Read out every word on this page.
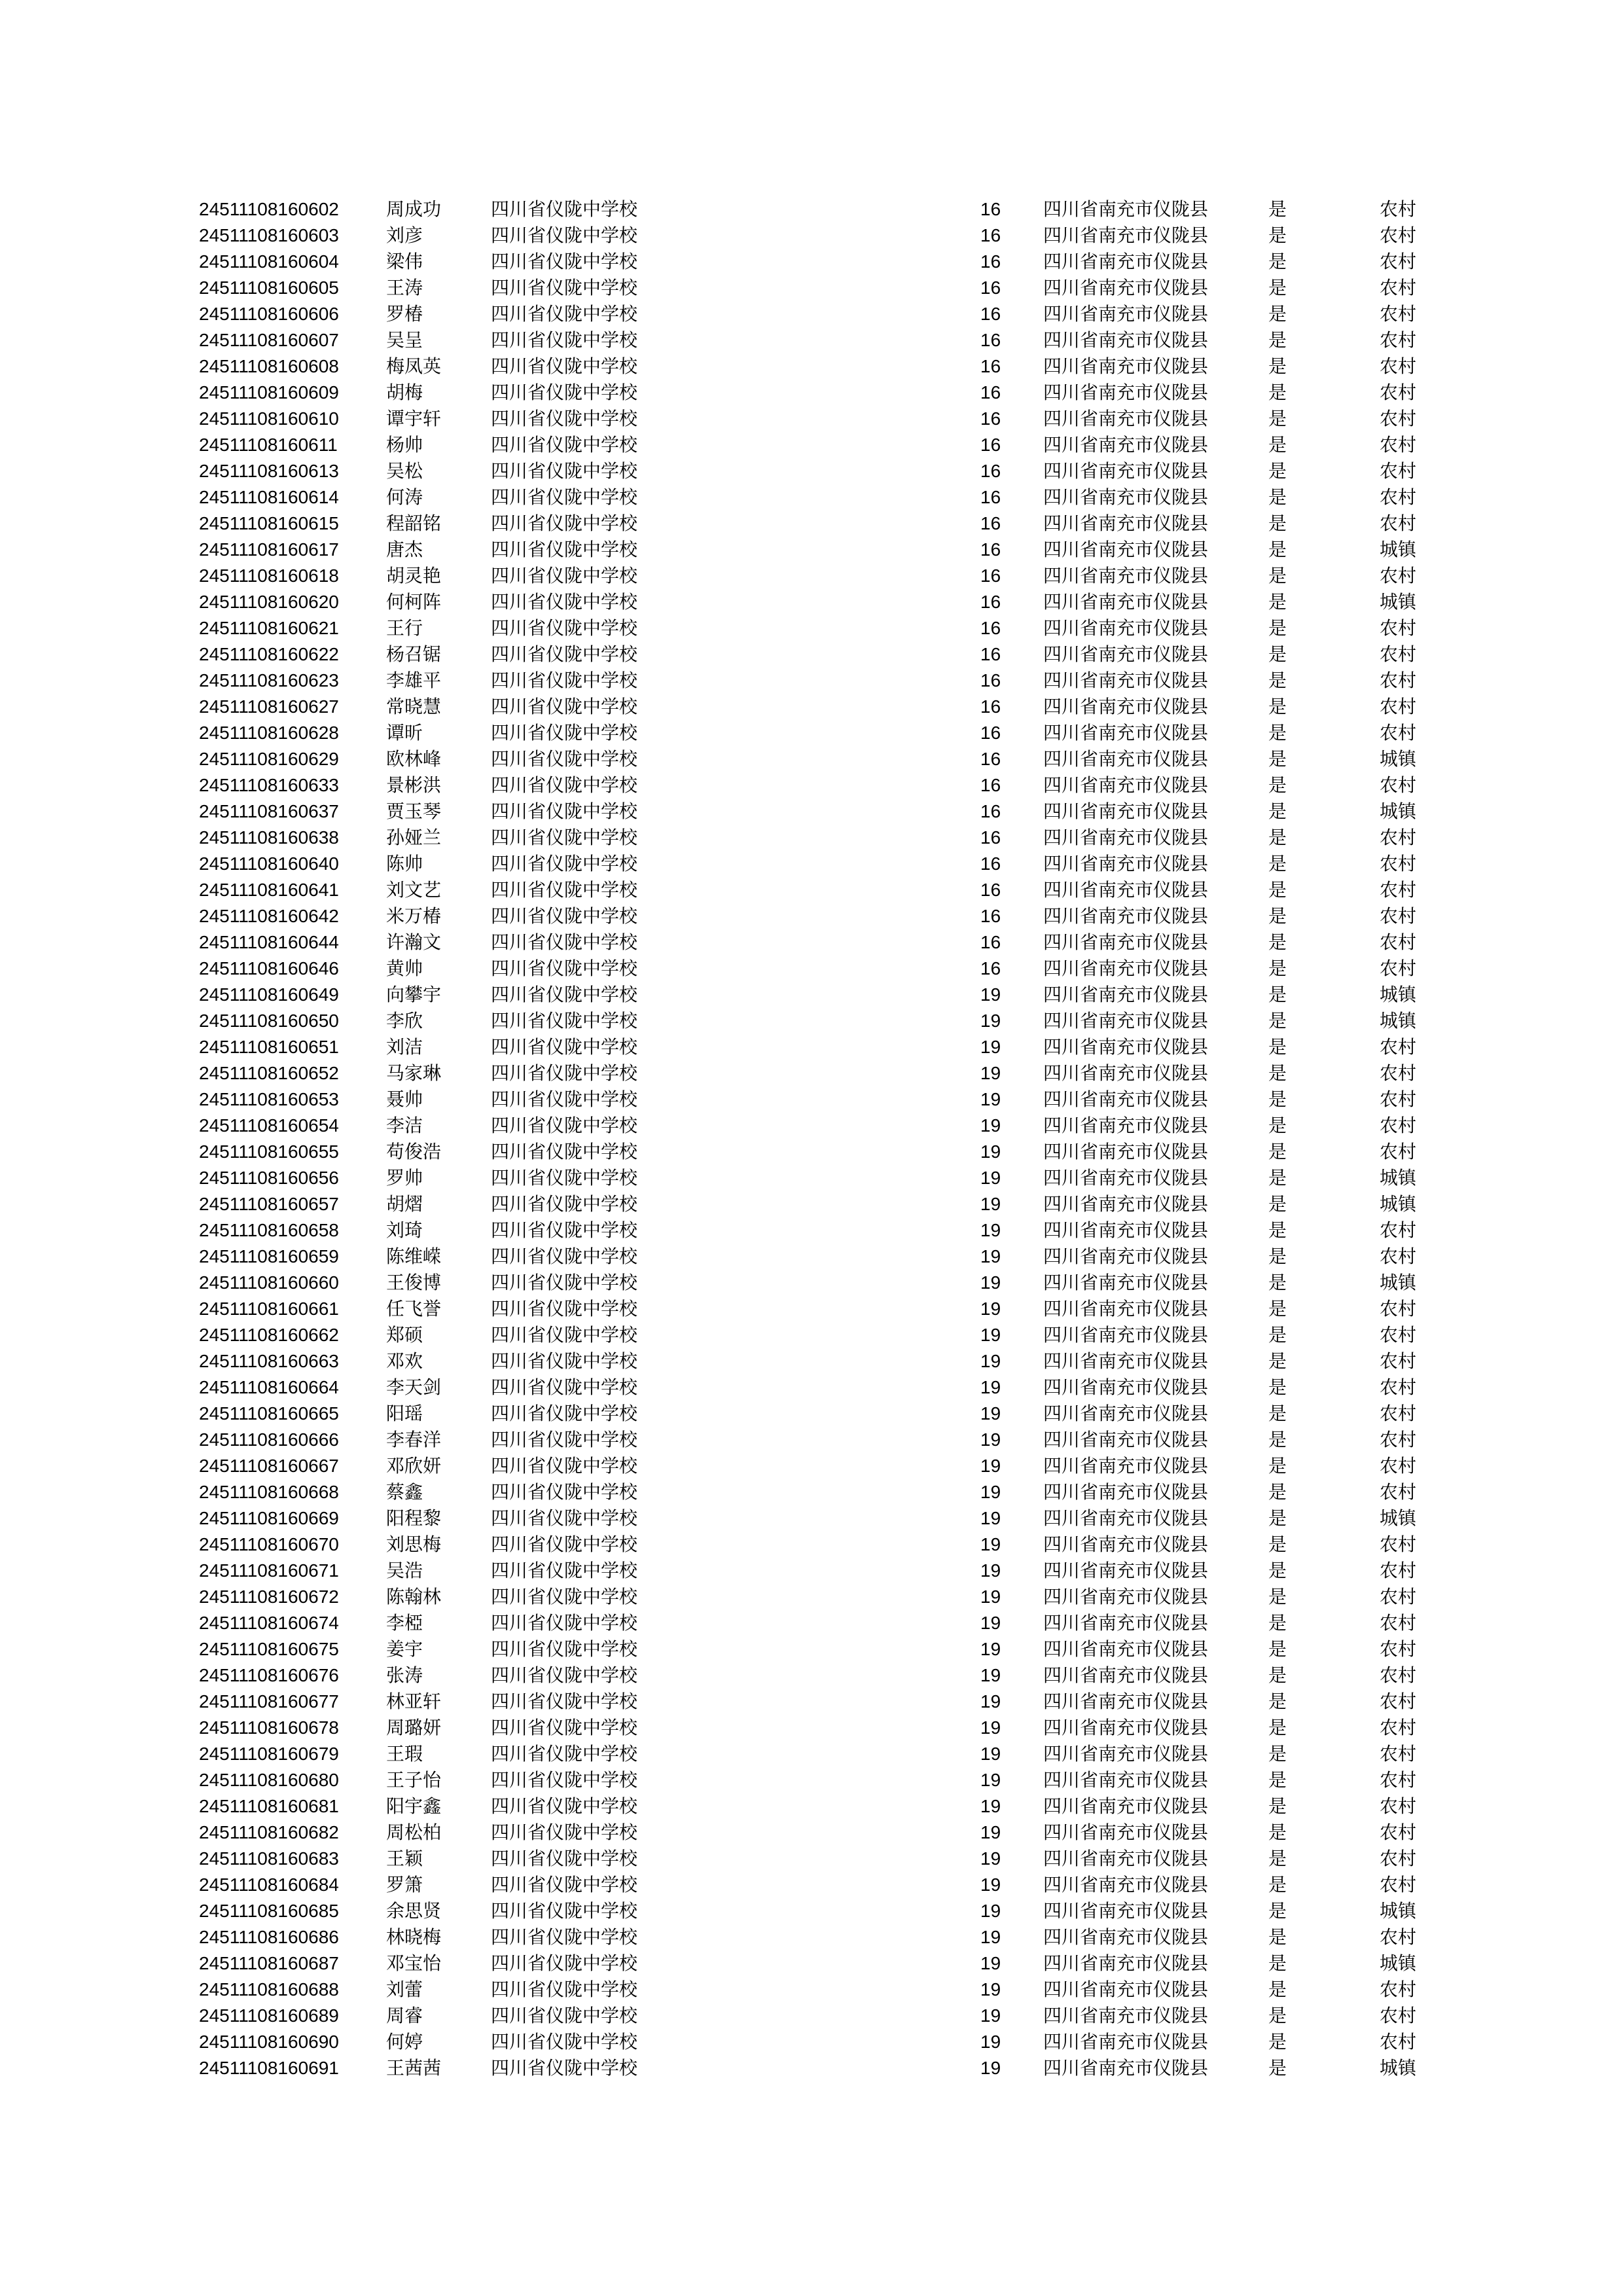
24511108160602	周成功	四川省仪陇中学校	16 四川省南充市仪陇县	是	农村
24511108160603	刘彦	四川省仪陇中学校	16 四川省南充市仪陇县	是	农村
24511108160604	梁伟	四川省仪陇中学校	16 四川省南充市仪陇县	是	农村
24511108160605	王涛	四川省仪陇中学校	16 四川省南充市仪陇县	是	农村
24511108160606	罗椿	四川省仪陇中学校	16 四川省南充市仪陇县	是	农村
24511108160607	吴呈	四川省仪陇中学校	16 四川省南充市仪陇县	是	农村
24511108160608	梅凤英	四川省仪陇中学校	16 四川省南充市仪陇县	是	农村
24511108160609	胡梅	四川省仪陇中学校	16 四川省南充市仪陇县	是	农村
24511108160610	谭宇轩	四川省仪陇中学校	16 四川省南充市仪陇县	是	农村
24511108160611	杨帅	四川省仪陇中学校	16 四川省南充市仪陇县	是	农村
24511108160613	吴松	四川省仪陇中学校	16 四川省南充市仪陇县	是	农村
24511108160614	何涛	四川省仪陇中学校	16 四川省南充市仪陇县	是	农村
24511108160615	程韶铭	四川省仪陇中学校	16 四川省南充市仪陇县	是	农村
24511108160617	唐杰	四川省仪陇中学校	16 四川省南充市仪陇县	是	城镇
24511108160618	胡灵艳	四川省仪陇中学校	16 四川省南充市仪陇县	是	农村
24511108160620	何柯阵	四川省仪陇中学校	16 四川省南充市仪陇县	是	城镇
24511108160621	王行	四川省仪陇中学校	16 四川省南充市仪陇县	是	农村
24511108160622	杨召锯	四川省仪陇中学校	16 四川省南充市仪陇县	是	农村
24511108160623	李雄平	四川省仪陇中学校	16 四川省南充市仪陇县	是	农村
24511108160627	常晓慧	四川省仪陇中学校	16 四川省南充市仪陇县	是	农村
24511108160628	谭昕	四川省仪陇中学校	16 四川省南充市仪陇县	是	农村
24511108160629	欧林峰	四川省仪陇中学校	16 四川省南充市仪陇县	是	城镇
24511108160633	景彬洪	四川省仪陇中学校	16 四川省南充市仪陇县	是	农村
24511108160637	贾玉琴	四川省仪陇中学校	16 四川省南充市仪陇县	是	城镇
24511108160638	孙娅兰	四川省仪陇中学校	16 四川省南充市仪陇县	是	农村
24511108160640	陈帅	四川省仪陇中学校	16 四川省南充市仪陇县	是	农村
24511108160641	刘文艺	四川省仪陇中学校	16 四川省南充市仪陇县	是	农村
24511108160642	米万椿	四川省仪陇中学校	16 四川省南充市仪陇县	是	农村
24511108160644	许瀚文	四川省仪陇中学校	16 四川省南充市仪陇县	是	农村
24511108160646	黄帅	四川省仪陇中学校	16 四川省南充市仪陇县	是	农村
24511108160649	向攀宇	四川省仪陇中学校	19 四川省南充市仪陇县	是	城镇
24511108160650	李欣	四川省仪陇中学校	19 四川省南充市仪陇县	是	城镇
24511108160651	刘洁	四川省仪陇中学校	19 四川省南充市仪陇县	是	农村
24511108160652	马家琳	四川省仪陇中学校	19 四川省南充市仪陇县	是	农村
24511108160653	聂帅	四川省仪陇中学校	19 四川省南充市仪陇县	是	农村
24511108160654	李洁	四川省仪陇中学校	19 四川省南充市仪陇县	是	农村
24511108160655	苟俊浩	四川省仪陇中学校	19 四川省南充市仪陇县	是	农村
24511108160656	罗帅	四川省仪陇中学校	19 四川省南充市仪陇县	是	城镇
24511108160657	胡熠	四川省仪陇中学校	19 四川省南充市仪陇县	是	城镇
24511108160658	刘琦	四川省仪陇中学校	19 四川省南充市仪陇县	是	农村
24511108160659	陈维嵘	四川省仪陇中学校	19 四川省南充市仪陇县	是	农村
24511108160660	王俊博	四川省仪陇中学校	19 四川省南充市仪陇县	是	城镇
24511108160661	任飞誉	四川省仪陇中学校	19 四川省南充市仪陇县	是	农村
24511108160662	郑硕	四川省仪陇中学校	19 四川省南充市仪陇县	是	农村
24511108160663	邓欢	四川省仪陇中学校	19 四川省南充市仪陇县	是	农村
24511108160664	李天剑	四川省仪陇中学校	19 四川省南充市仪陇县	是	农村
24511108160665	阳瑶	四川省仪陇中学校	19 四川省南充市仪陇县	是	农村
24511108160666	李春洋	四川省仪陇中学校	19 四川省南充市仪陇县	是	农村
24511108160667	邓欣妍	四川省仪陇中学校	19 四川省南充市仪陇县	是	农村
24511108160668	蔡鑫	四川省仪陇中学校	19 四川省南充市仪陇县	是	农村
24511108160669	阳程黎	四川省仪陇中学校	19 四川省南充市仪陇县	是	城镇
24511108160670	刘思梅	四川省仪陇中学校	19 四川省南充市仪陇县	是	农村
24511108160671	吴浩	四川省仪陇中学校	19 四川省南充市仪陇县	是	农村
24511108160672	陈翰林	四川省仪陇中学校	19 四川省南充市仪陇县	是	农村
24511108160674	李椏	四川省仪陇中学校	19 四川省南充市仪陇县	是	农村
24511108160675	姜宇	四川省仪陇中学校	19 四川省南充市仪陇县	是	农村
24511108160676	张涛	四川省仪陇中学校	19 四川省南充市仪陇县	是	农村
24511108160677	林亚轩	四川省仪陇中学校	19 四川省南充市仪陇县	是	农村
24511108160678	周璐妍	四川省仪陇中学校	19 四川省南充市仪陇县	是	农村
24511108160679	王瑕	四川省仪陇中学校	19 四川省南充市仪陇县	是	农村
24511108160680	王子怡	四川省仪陇中学校	19 四川省南充市仪陇县	是	农村
24511108160681	阳宇鑫	四川省仪陇中学校	19 四川省南充市仪陇县	是	农村
24511108160682	周松柏	四川省仪陇中学校	19 四川省南充市仪陇县	是	农村
24511108160683	王颖	四川省仪陇中学校	19 四川省南充市仪陇县	是	农村
24511108160684	罗箫	四川省仪陇中学校	19 四川省南充市仪陇县	是	农村
24511108160685	余思贤	四川省仪陇中学校	19 四川省南充市仪陇县	是	城镇
24511108160686	林晓梅	四川省仪陇中学校	19 四川省南充市仪陇县	是	农村
24511108160687	邓宝怡	四川省仪陇中学校	19 四川省南充市仪陇县	是	城镇
24511108160688	刘蕾	四川省仪陇中学校	19 四川省南充市仪陇县	是	农村
24511108160689	周睿	四川省仪陇中学校	19 四川省南充市仪陇县	是	农村
24511108160690	何婷	四川省仪陇中学校	19 四川省南充市仪陇县	是	农村
24511108160691	王茜茜	四川省仪陇中学校	19 四川省南充市仪陇县	是	城镇
